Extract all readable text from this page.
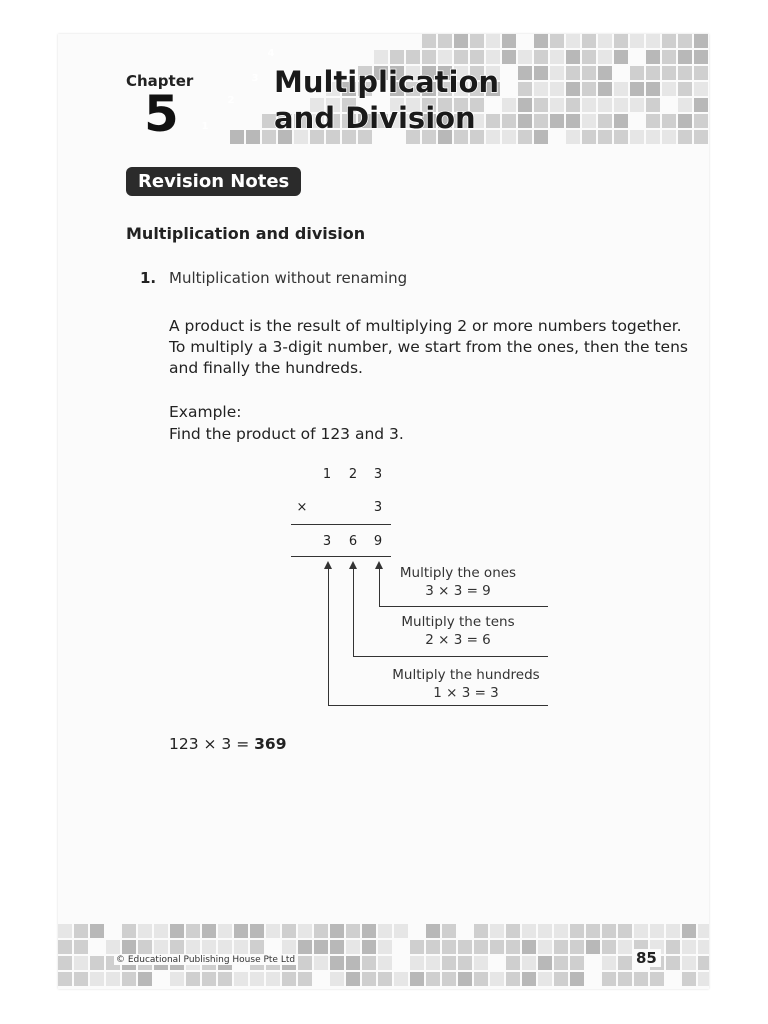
1
2
3
4
Chapter
5
Multiplication
and Division
Revision Notes
Multiplication and division
1. Multiplication without renaming
A product is the result of multiplying 2 or more numbers together. To multiply a 3-digit number, we start from the ones, then the tens and finally the hundreds.
Example:
Find the product of 123 and 3.
1 2 3
×	3
3 6 9
Multiply the ones
3 × 3 = 9
Multiply the tens
2 × 3 = 6
Multiply the hundreds
1 × 3 = 3
123 × 3 = 369
© Educational Publishing House Pte Ltd	85
